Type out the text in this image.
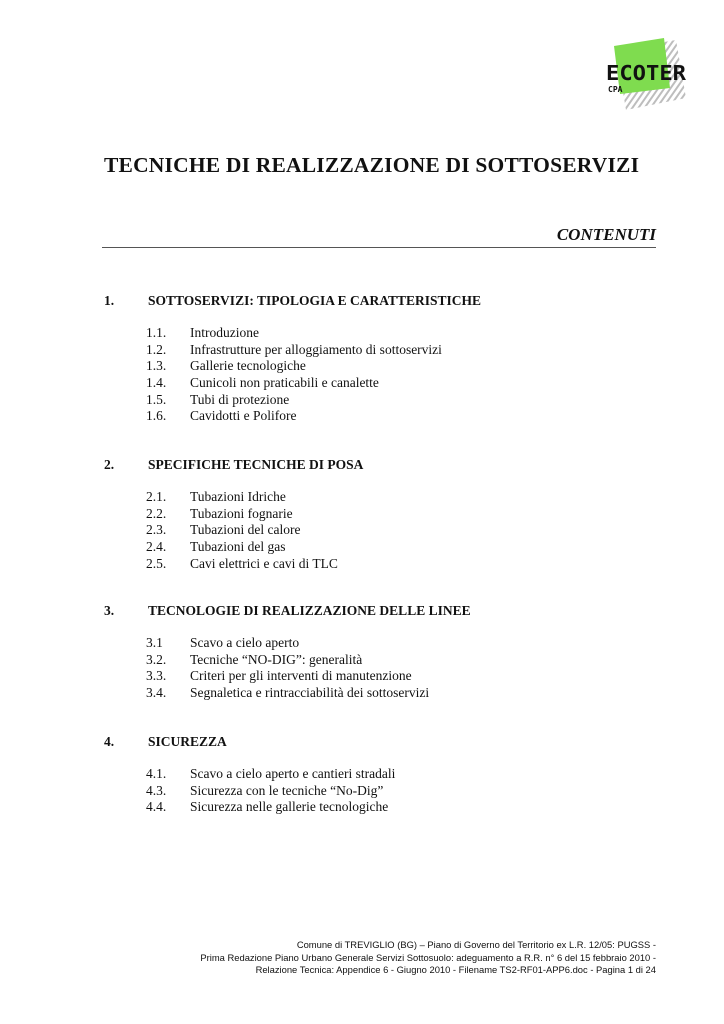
ECOTER
CPA
TECNICHE DI REALIZZAZIONE DI SOTTOSERVIZI
CONTENUTI
1.	SOTTOSERVIZI: TIPOLOGIA E CARATTERISTICHE
1.1. Introduzione
1.2. Infrastrutture per alloggiamento di sottoservizi
1.3. Gallerie tecnologiche
1.4. Cunicoli non praticabili e canalette
1.5. Tubi di protezione
1.6. Cavidotti e Polifore
2.	SPECIFICHE TECNICHE DI POSA
2.1. Tubazioni Idriche
2.2. Tubazioni fognarie
2.3. Tubazioni del calore
2.4. Tubazioni del gas
2.5. Cavi elettrici e cavi di TLC
3.	TECNOLOGIE DI REALIZZAZIONE DELLE LINEE
3.1 Scavo a cielo aperto
3.2. Tecniche “NO-DIG”: generalità
3.3. Criteri per gli interventi di manutenzione
3.4. Segnaletica e rintracciabilità dei sottoservizi
4.	SICUREZZA
4.1. Scavo a cielo aperto e cantieri stradali
4.3. Sicurezza con le tecniche “No-Dig”
4.4. Sicurezza nelle gallerie tecnologiche
Comune di TREVIGLIO (BG) – Piano di Governo del Territorio ex L.R. 12/05: PUGSS -
Prima Redazione Piano Urbano Generale Servizi Sottosuolo: adeguamento a R.R. n° 6 del 15 febbraio 2010 -
Relazione Tecnica: Appendice 6 - Giugno 2010 - Filename TS2-RF01-APP6.doc - Pagina 1 di 24
